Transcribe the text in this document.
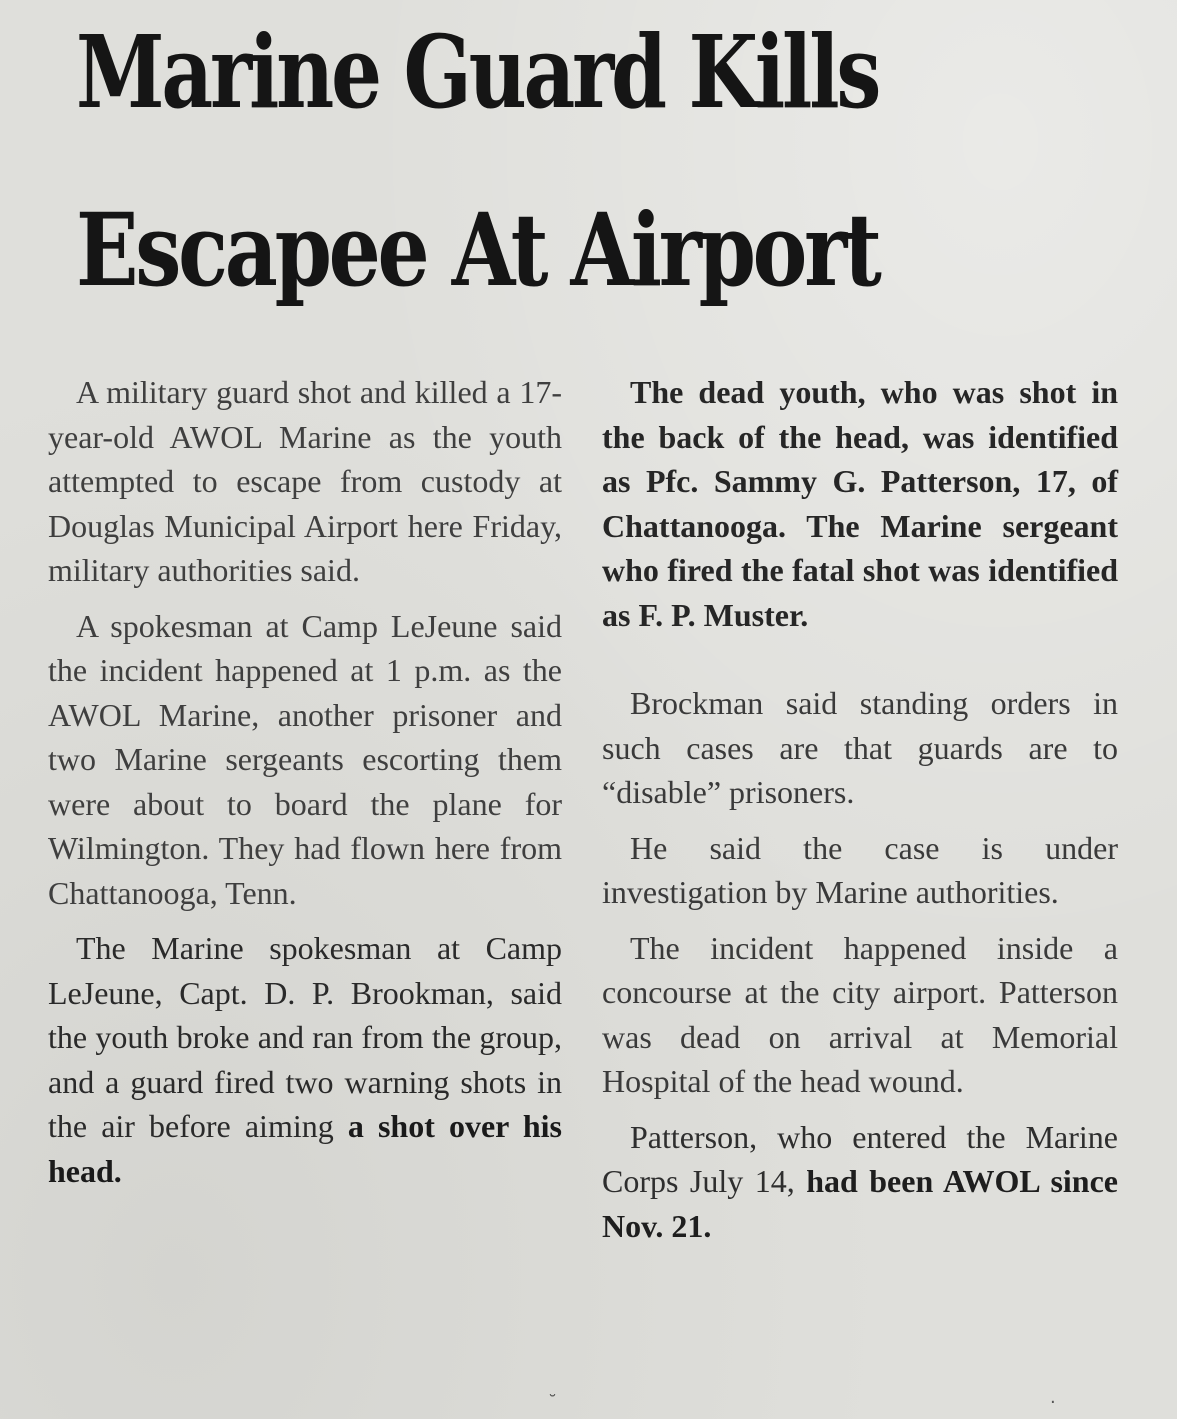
Marine Guard Kills
Escapee At Airport

A military guard shot and killed a 17-year-old AWOL Marine as the youth attempted to escape from custody at Douglas Municipal Airport here Friday, military authorities said.

A spokesman at Camp LeJeune said the incident happened at 1 p.m. as the AWOL Marine, another prisoner and two Marine sergeants escorting them were about to board the plane for Wilmington. They had flown here from Chattanooga, Tenn.

The Marine spokesman at Camp LeJeune, Capt. D. P. Brookman, said the youth broke and ran from the group, and a guard fired two warning shots in the air before aiming a shot over his head.

The dead youth, who was shot in the back of the head, was identified as Pfc. Sammy G. Patterson, 17, of Chattanooga. The Marine sergeant who fired the fatal shot was identified as F. P. Muster.

Brockman said standing orders in such cases are that guards are to “disable” prisoners.

He said the case is under investigation by Marine authorities.

The incident happened inside a concourse at the city airport. Patterson was dead on arrival at Memorial Hospital of the head wound.

Patterson, who entered the Marine Corps July 14, had been AWOL since Nov. 21.

˘	·
